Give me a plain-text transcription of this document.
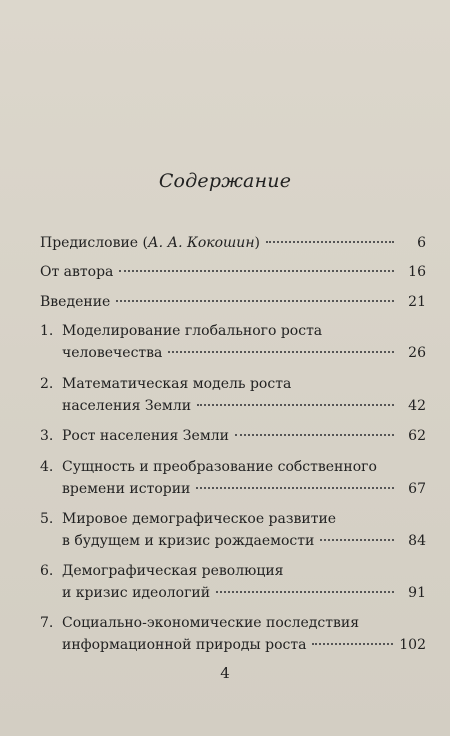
Содержание
Предисловие (А. А. Кокошин)	6
От автора	16
Введение	21
1. Моделирование глобального роста
человечества	26
2. Математическая модель роста
населения Земли	42
3. Рост населения Земли	62
4. Сущность и преобразование собственного
времени истории	67
5. Мировое демографическое развитие
в будущем и кризис рождаемости	84
6. Демографическая революция
и кризис идеологий	91
7. Социально-экономические последствия
информационной природы роста	102
4
